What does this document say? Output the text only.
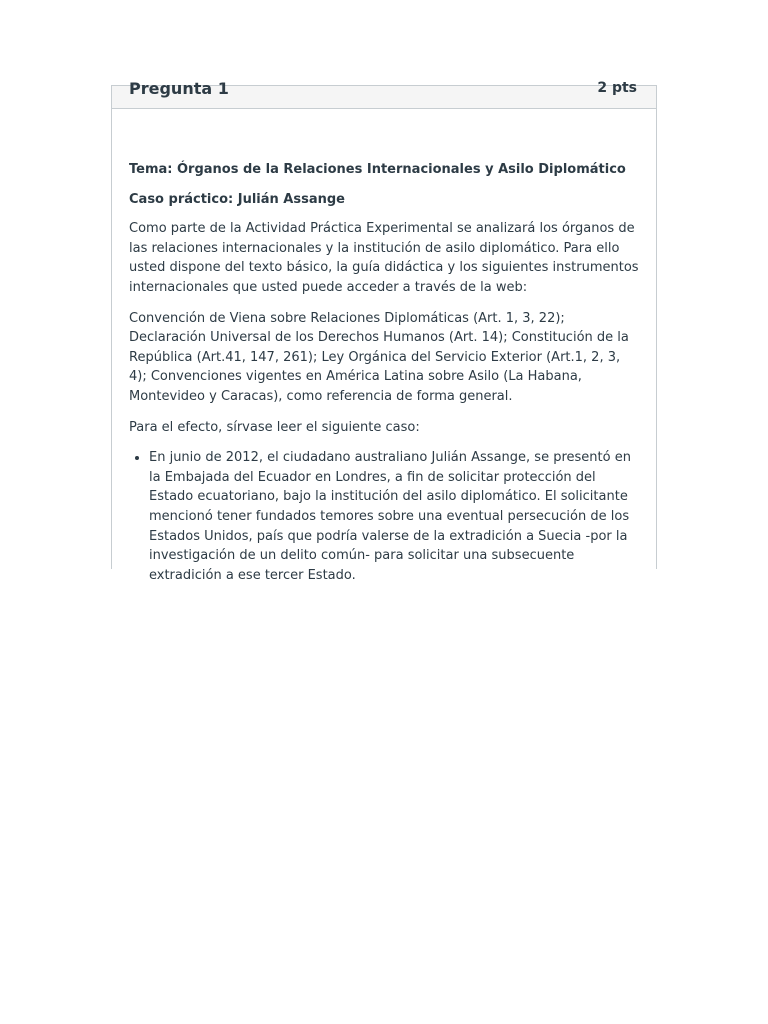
Pregunta 1	2 pts

Tema: Órganos de la Relaciones Internacionales y Asilo Diplomático

Caso práctico: Julián Assange

Como parte de la Actividad Práctica Experimental se analizará los órganos de las relaciones internacionales y la institución de asilo diplomático. Para ello usted dispone del texto básico, la guía didáctica y los siguientes instrumentos internacionales que usted puede acceder a través de la web:

Convención de Viena sobre Relaciones Diplomáticas (Art. 1, 3, 22); Declaración Universal de los Derechos Humanos (Art. 14); Constitución de la República (Art.41, 147, 261); Ley Orgánica del Servicio Exterior (Art.1, 2, 3, 4); Convenciones vigentes en América Latina sobre Asilo (La Habana, Montevideo y Caracas), como referencia de forma general.

Para el efecto, sírvase leer el siguiente caso:

• En junio de 2012, el ciudadano australiano Julián Assange, se presentó en la Embajada del Ecuador en Londres, a fin de solicitar protección del Estado ecuatoriano, bajo la institución del asilo diplomático. El solicitante mencionó tener fundados temores sobre una eventual persecución de los Estados Unidos, país que podría valerse de la extradición a Suecia -por la investigación de un delito común- para solicitar una subsecuente extradición a ese tercer Estado.
